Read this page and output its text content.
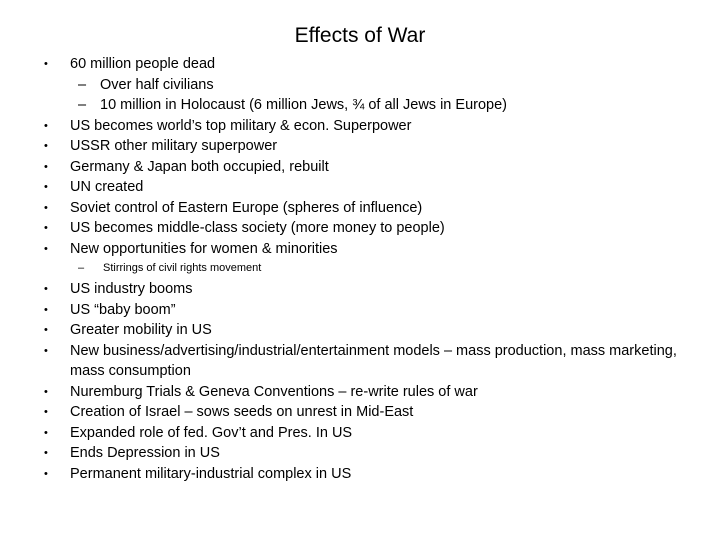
Effects of War
• 60 million people dead
– Over half civilians
– 10 million in Holocaust (6 million Jews, ¾ of all Jews in Europe)
• US becomes world’s top military & econ. Superpower
• USSR other military superpower
• Germany & Japan both occupied, rebuilt
• UN created
• Soviet control of Eastern Europe (spheres of influence)
• US becomes middle-class society (more money to people)
• New opportunities for women & minorities
– Stirrings of civil rights movement
• US industry booms
• US “baby boom”
• Greater mobility in US
• New business/advertising/industrial/entertainment models – mass production, mass marketing, mass consumption
• Nuremburg Trials & Geneva Conventions – re-write rules of war
• Creation of Israel – sows seeds on unrest in Mid-East
• Expanded role of fed. Gov’t and Pres. In US
• Ends Depression in US
• Permanent military-industrial complex in US
